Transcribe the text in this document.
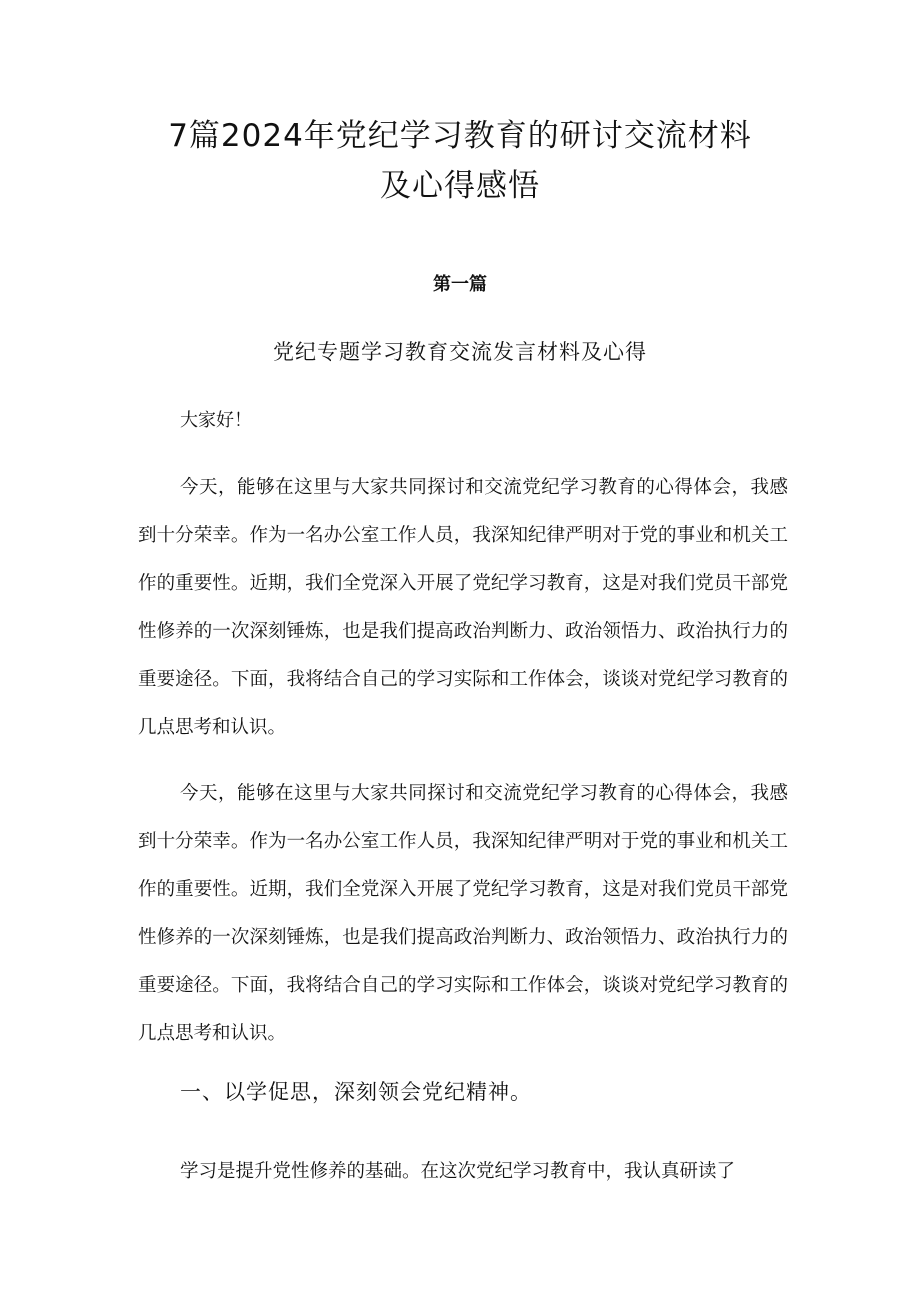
7篇2024年党纪学习教育的研讨交流材料
及心得感悟
第一篇
党纪专题学习教育交流发言材料及心得
大家好！

今天，能够在这里与大家共同探讨和交流党纪学习教育的心得体会，我感到十分荣幸。作为一名办公室工作人员，我深知纪律严明对于党的事业和机关工作的重要性。近期，我们全党深入开展了党纪学习教育，这是对我们党员干部党性修养的一次深刻锤炼，也是我们提高政治判断力、政治领悟力、政治执行力的重要途径。下面，我将结合自己的学习实际和工作体会，谈谈对党纪学习教育的几点思考和认识。

今天，能够在这里与大家共同探讨和交流党纪学习教育的心得体会，我感到十分荣幸。作为一名办公室工作人员，我深知纪律严明对于党的事业和机关工作的重要性。近期，我们全党深入开展了党纪学习教育，这是对我们党员干部党性修养的一次深刻锤炼，也是我们提高政治判断力、政治领悟力、政治执行力的重要途径。下面，我将结合自己的学习实际和工作体会，谈谈对党纪学习教育的几点思考和认识。

一、以学促思，深刻领会党纪精神。

学习是提升党性修养的基础。在这次党纪学习教育中，我认真研读了
